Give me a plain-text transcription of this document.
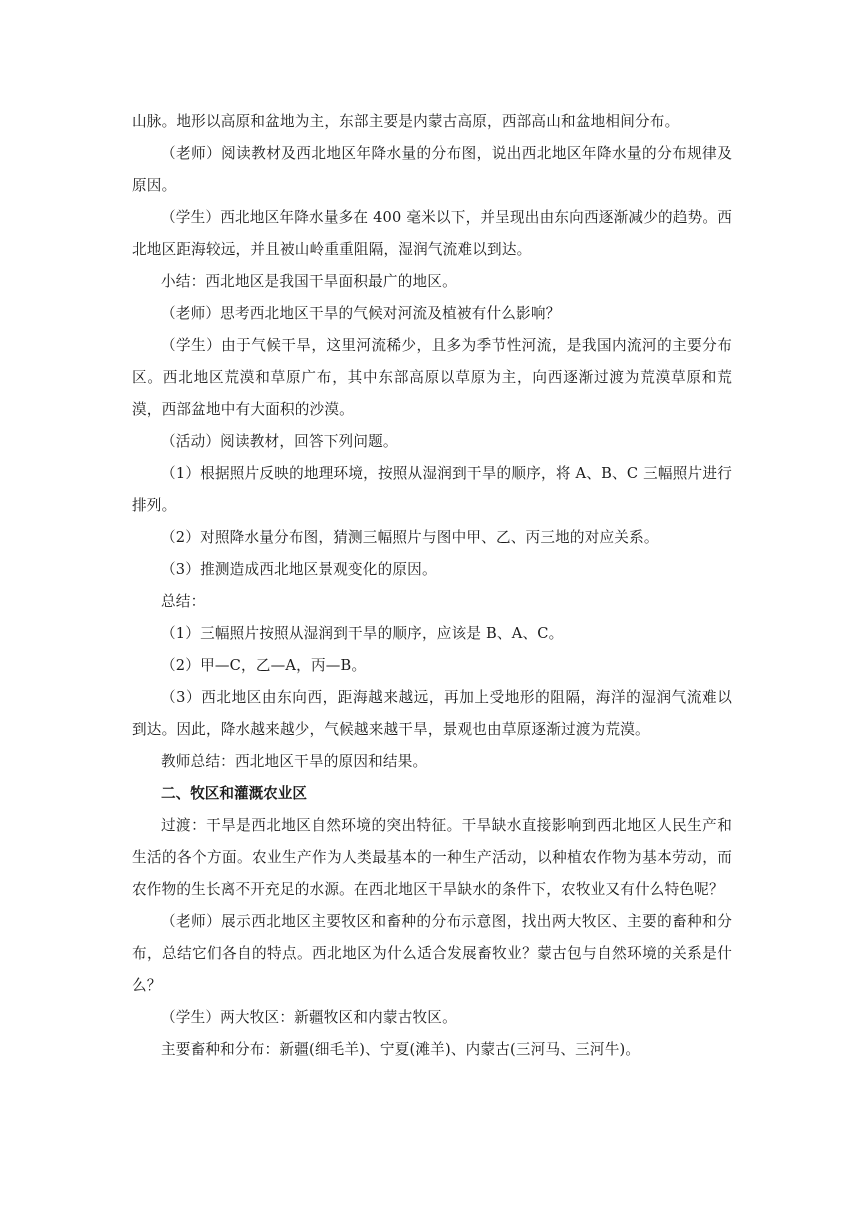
山脉。地形以高原和盆地为主，东部主要是内蒙古高原，西部高山和盆地相间分布。

（老师）阅读教材及西北地区年降水量的分布图，说出西北地区年降水量的分布规律及原因。

（学生）西北地区年降水量多在 400 毫米以下，并呈现出由东向西逐渐减少的趋势。西北地区距海较远，并且被山岭重重阻隔，湿润气流难以到达。

小结：西北地区是我国干旱面积最广的地区。

（老师）思考西北地区干旱的气候对河流及植被有什么影响？

（学生）由于气候干旱，这里河流稀少，且多为季节性河流，是我国内流河的主要分布区。西北地区荒漠和草原广布，其中东部高原以草原为主，向西逐渐过渡为荒漠草原和荒漠，西部盆地中有大面积的沙漠。

（活动）阅读教材，回答下列问题。

（1）根据照片反映的地理环境，按照从湿润到干旱的顺序，将 A、B、C 三幅照片进行排列。

（2）对照降水量分布图，猜测三幅照片与图中甲、乙、丙三地的对应关系。

（3）推测造成西北地区景观变化的原因。

总结：

（1）三幅照片按照从湿润到干旱的顺序，应该是 B、A、C。

（2）甲—C，乙—A，丙—B。

（3）西北地区由东向西，距海越来越远，再加上受地形的阻隔，海洋的湿润气流难以到达。因此，降水越来越少，气候越来越干旱，景观也由草原逐渐过渡为荒漠。

教师总结：西北地区干旱的原因和结果。

二、牧区和灌溉农业区

过渡：干旱是西北地区自然环境的突出特征。干旱缺水直接影响到西北地区人民生产和生活的各个方面。农业生产作为人类最基本的一种生产活动，以种植农作物为基本劳动，而农作物的生长离不开充足的水源。在西北地区干旱缺水的条件下，农牧业又有什么特色呢？

（老师）展示西北地区主要牧区和畜种的分布示意图，找出两大牧区、主要的畜种和分布，总结它们各自的特点。西北地区为什么适合发展畜牧业？蒙古包与自然环境的关系是什么？

（学生）两大牧区：新疆牧区和内蒙古牧区。

主要畜种和分布：新疆(细毛羊)、宁夏(滩羊)、内蒙古(三河马、三河牛)。
